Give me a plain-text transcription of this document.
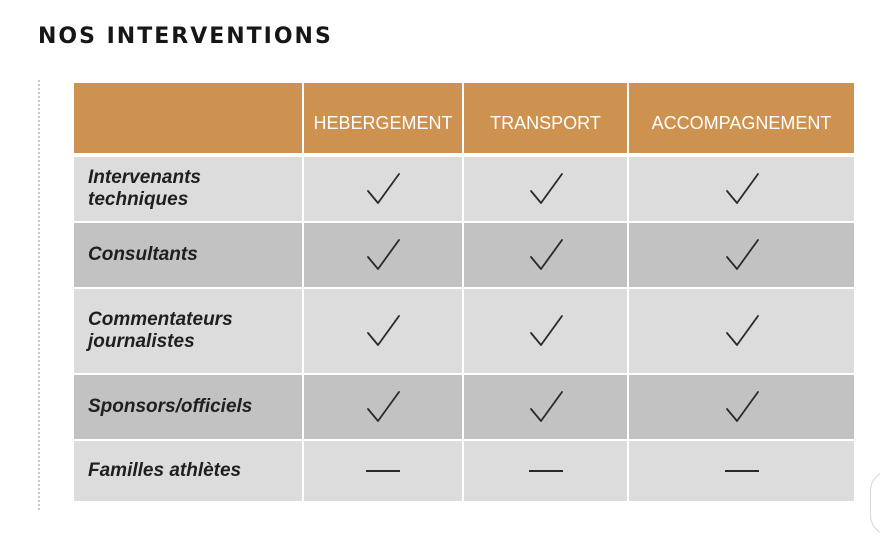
NOS INTERVENTIONS
HEBERGEMENT	TRANSPORT	ACCOMPAGNEMENT
Intervenants
techniques
Consultants
Commentateurs
journalistes
Sponsors/officiels
Familles athlètes
